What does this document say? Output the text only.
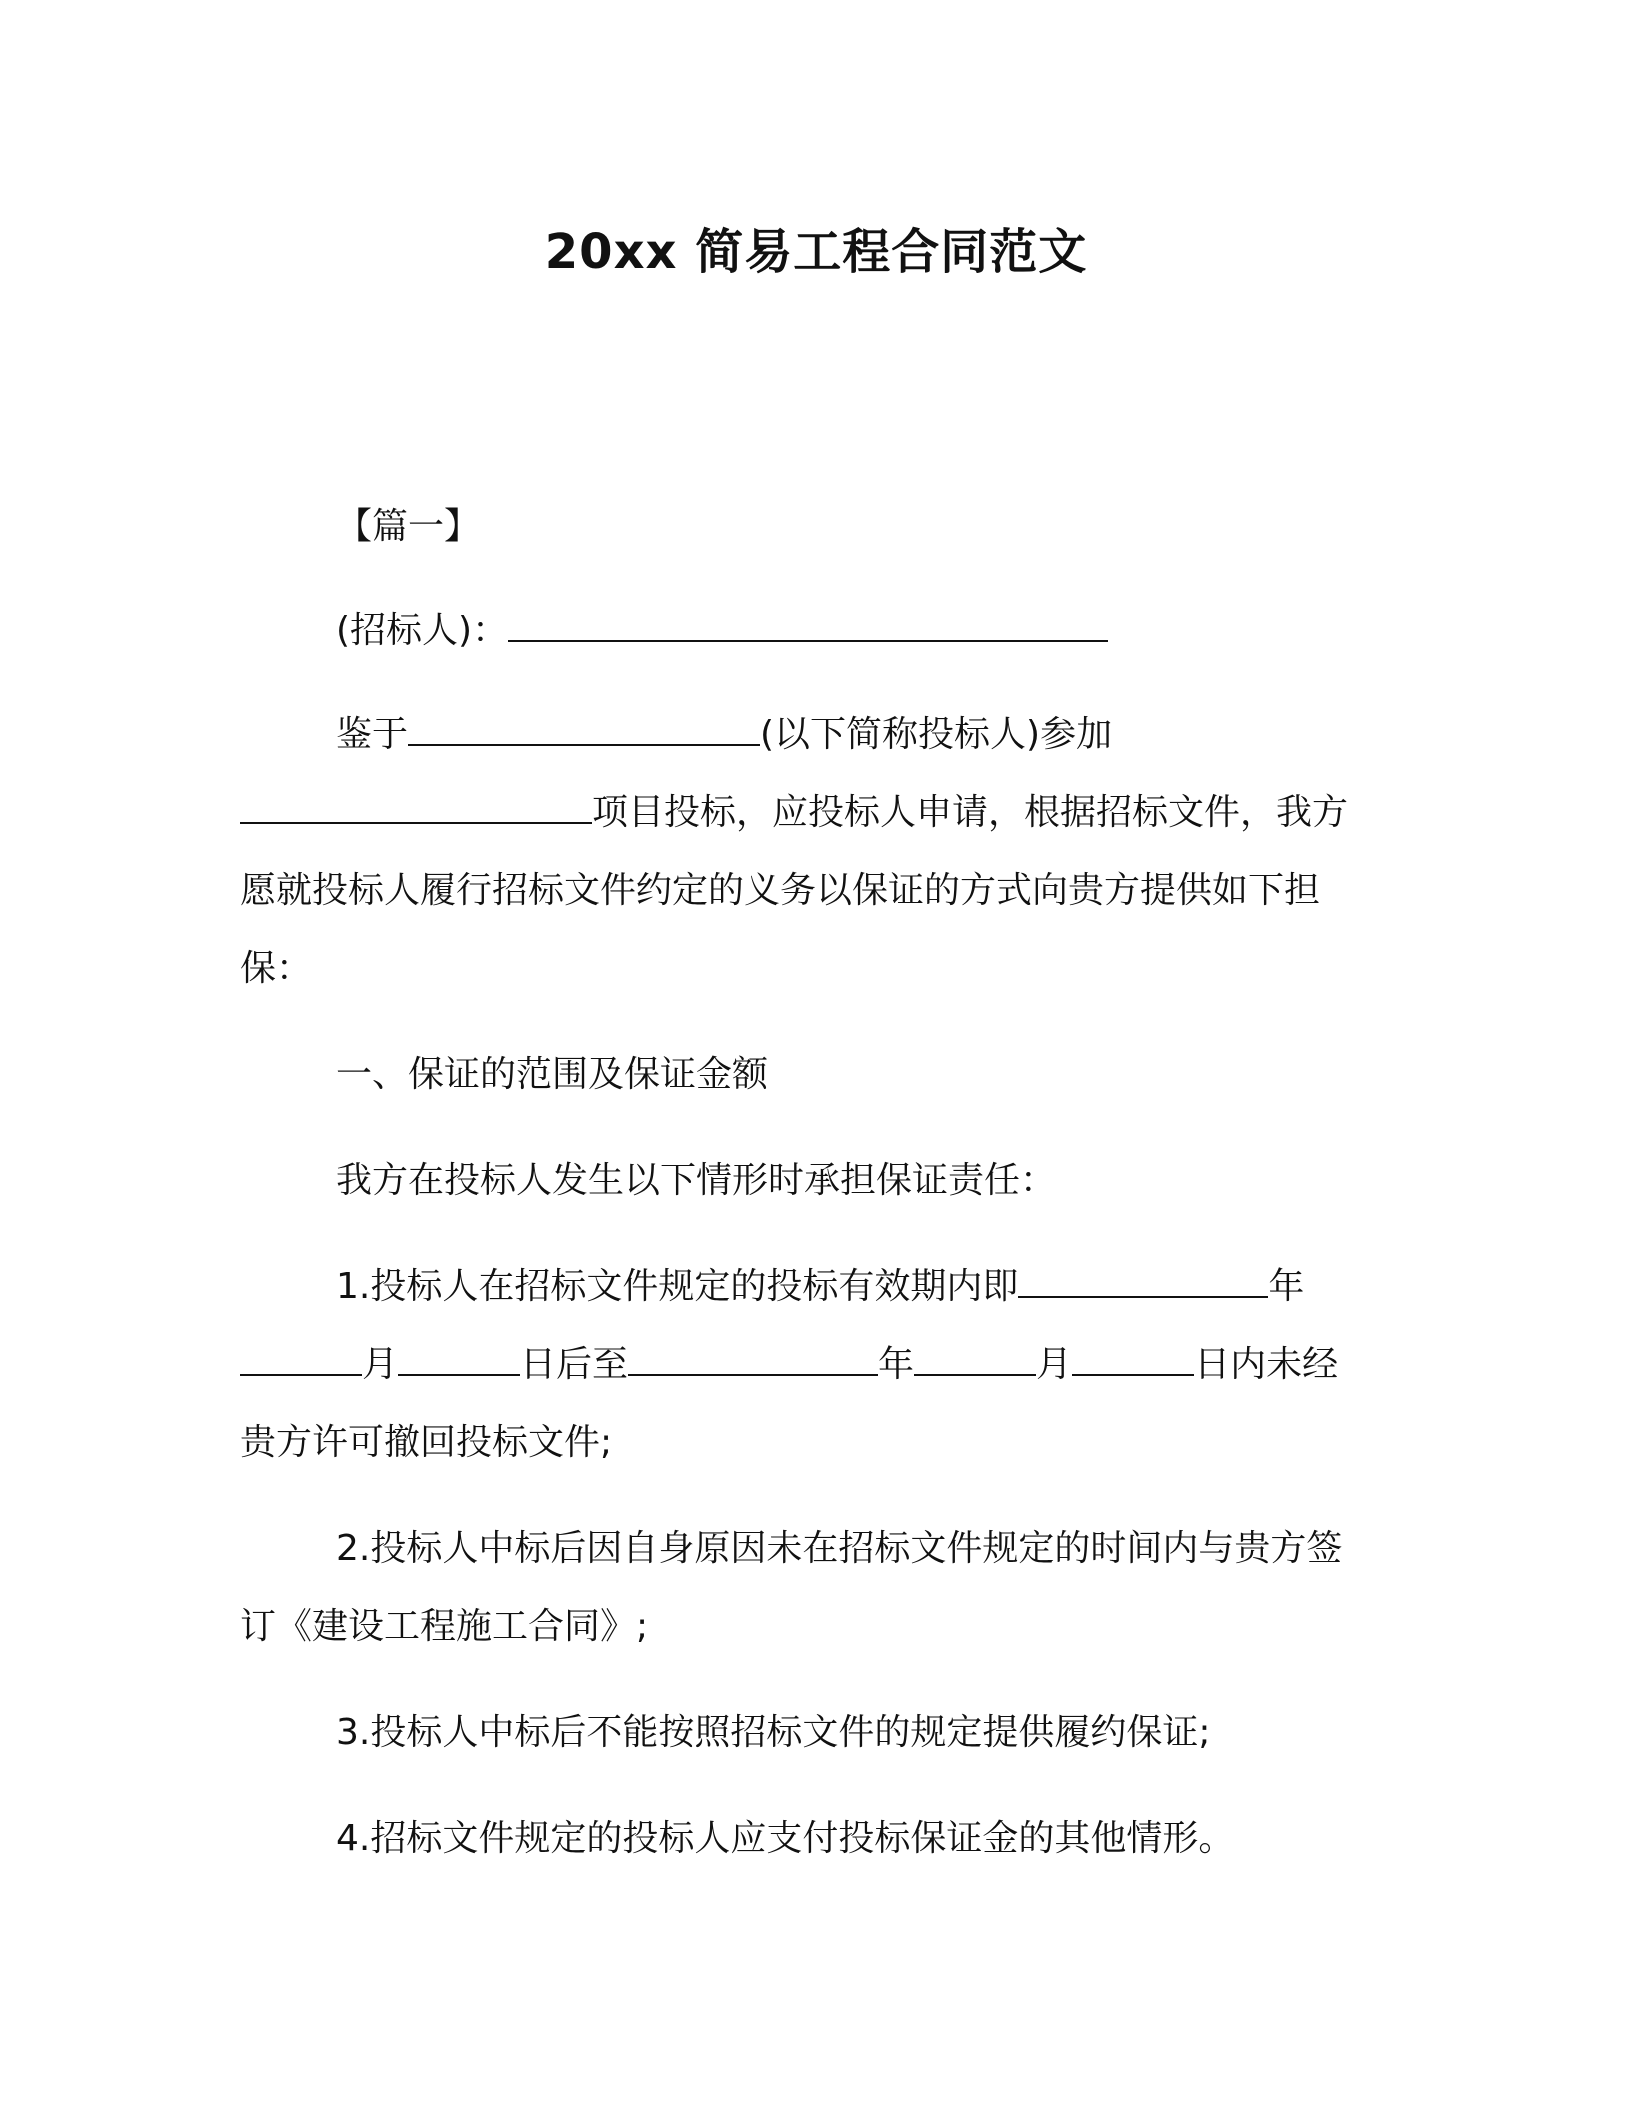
20xx 简易工程合同范文

【篇一】

(招标人)：

鉴于	(以下简称投标人)参加

项目投标，应投标人申请，根据招标文件，我方

愿就投标人履行招标文件约定的义务以保证的方式向贵方提供如下担

保：

一、保证的范围及保证金额

我方在投标人发生以下情形时承担保证责任：

1.投标人在招标文件规定的投标有效期内即	年

月	日后至	年	月	日内未经

贵方许可撤回投标文件;

2.投标人中标后因自身原因未在招标文件规定的时间内与贵方签

订《建设工程施工合同》;

3.投标人中标后不能按照招标文件的规定提供履约保证;

4.招标文件规定的投标人应支付投标保证金的其他情形。
